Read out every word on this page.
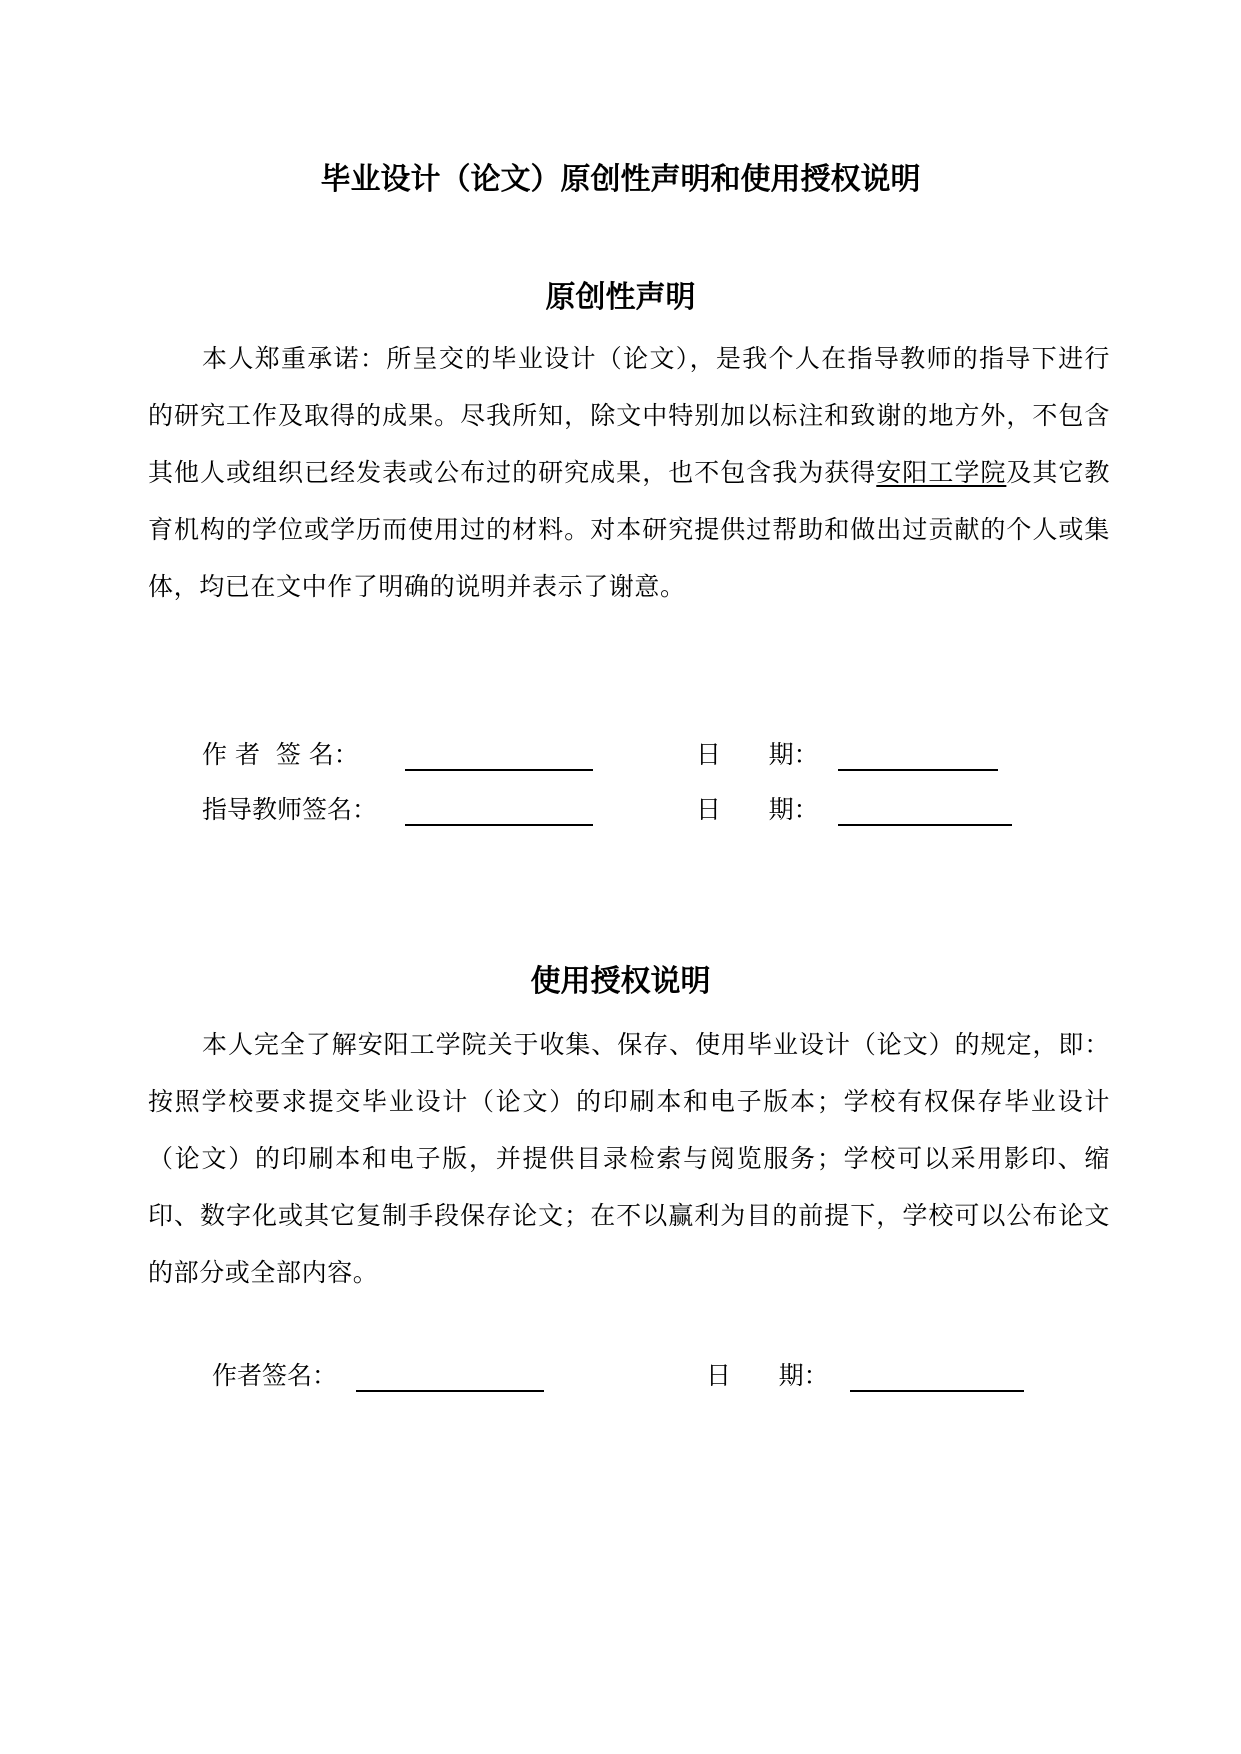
毕业设计（论文）原创性声明和使用授权说明
原创性声明

本人郑重承诺：所呈交的毕业设计（论文），是我个人在指导教师的指导下进行的研究工作及取得的成果。尽我所知，除文中特别加以标注和致谢的地方外，不包含其他人或组织已经发表或公布过的研究成果，也不包含我为获得安阳工学院及其它教育机构的学位或学历而使用过的材料。对本研究提供过帮助和做出过贡献的个人或集体，均已在文中作了明确的说明并表示了谢意。

作 者  签 名：	日      期：
指导教师签名：	日      期：
使用授权说明

本人完全了解安阳工学院关于收集、保存、使用毕业设计（论文）的规定，即：按照学校要求提交毕业设计（论文）的印刷本和电子版本；学校有权保存毕业设计（论文）的印刷本和电子版，并提供目录检索与阅览服务；学校可以采用影印、缩印、数字化或其它复制手段保存论文；在不以赢利为目的前提下，学校可以公布论文的部分或全部内容。

作者签名：	日      期：
